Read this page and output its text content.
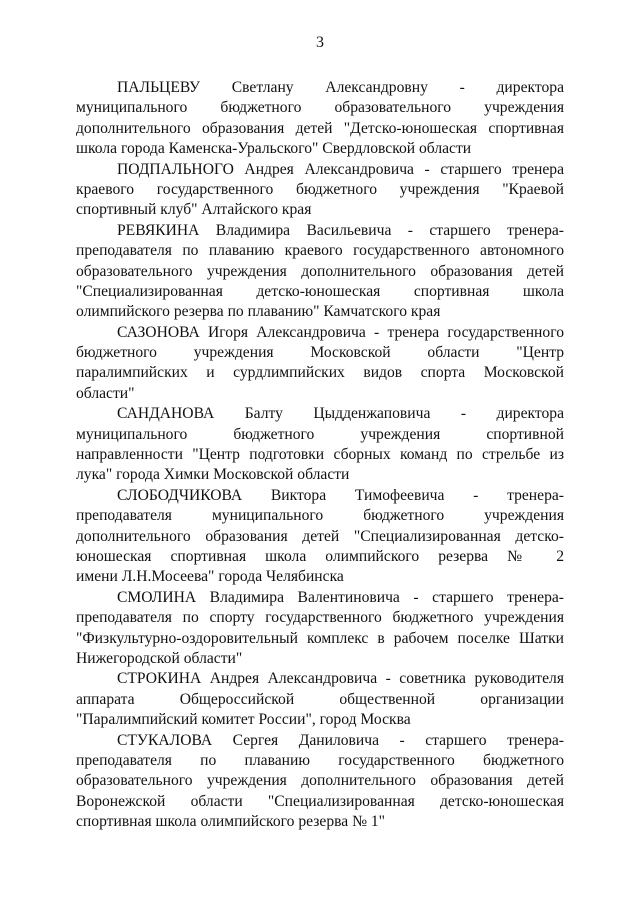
3
ПАЛЬЦЕВУ Светлану Александровну - директора
муниципального бюджетного образовательного учреждения
дополнительного образования детей "Детско-юношеская спортивная
школа города Каменска-Уральского" Свердловской области
ПОДПАЛЬНОГО Андрея Александровича - старшего тренера
краевого государственного бюджетного учреждения "Краевой
спортивный клуб" Алтайского края
РЕВЯКИНА Владимира Васильевича - старшего тренера-
преподавателя по плаванию краевого государственного автономного
образовательного учреждения дополнительного образования детей
"Специализированная детско-юношеская спортивная школа
олимпийского резерва по плаванию" Камчатского края
САЗОНОВА Игоря Александровича - тренера государственного
бюджетного учреждения Московской области "Центр
паралимпийских и сурдлимпийских видов спорта Московской
области"
САНДАНОВА Балту Цыдденжаповича - директора
муниципального бюджетного учреждения спортивной
направленности "Центр подготовки сборных команд по стрельбе из
лука" города Химки Московской области
СЛОБОДЧИКОВА Виктора Тимофеевича - тренера-
преподавателя муниципального бюджетного учреждения
дополнительного образования детей "Специализированная детско-
юношеская спортивная школа олимпийского резерва № 2
имени Л.Н.Мосеева" города Челябинска
СМОЛИНА Владимира Валентиновича - старшего тренера-
преподавателя по спорту государственного бюджетного учреждения
"Физкультурно-оздоровительный комплекс в рабочем поселке Шатки
Нижегородской области"
СТРОКИНА Андрея Александровича - советника руководителя
аппарата Общероссийской общественной организации
"Паралимпийский комитет России", город Москва
СТУКАЛОВА Сергея Даниловича - старшего тренера-
преподавателя по плаванию государственного бюджетного
образовательного учреждения дополнительного образования детей
Воронежской области "Специализированная детско-юношеская
спортивная школа олимпийского резерва № 1"
